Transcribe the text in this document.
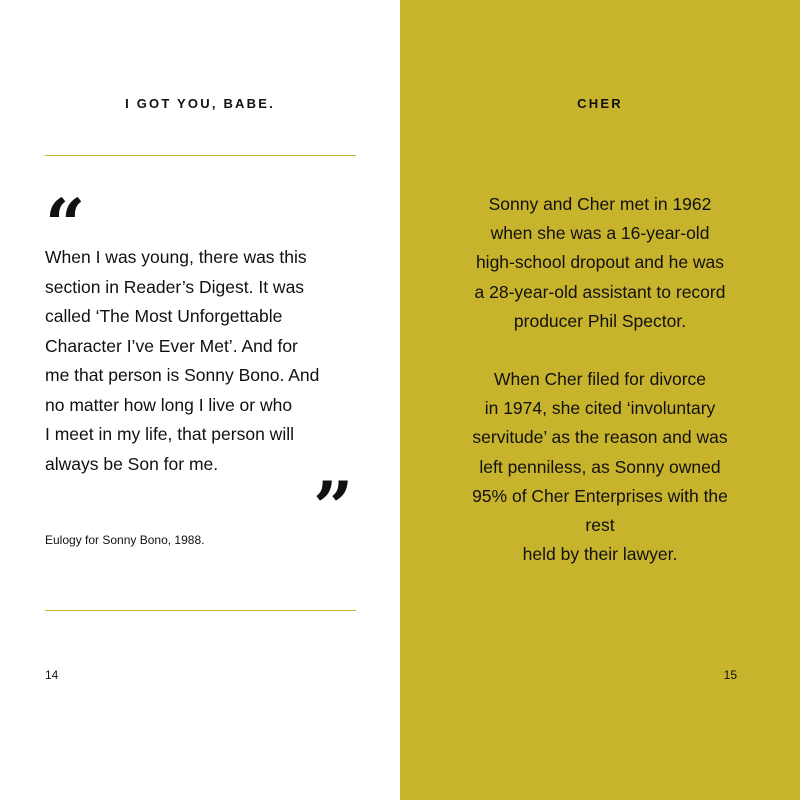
I GOT YOU, BABE.
“

When I was young, there was this
section in Reader’s Digest. It was
called ‘The Most Unforgettable
Character I’ve Ever Met’. And for
me that person is Sonny Bono. And
no matter how long I live or who
I meet in my life, that person will
always be Son for me.

”
Eulogy for Sonny Bono, 1988.
14
CHER

Sonny and Cher met in 1962
when she was a 16-year-old
high-school dropout and he was
a 28-year-old assistant to record
producer Phil Spector.

When Cher filed for divorce
in 1974, she cited ‘involuntary
servitude’ as the reason and was
left penniless, as Sonny owned
95% of Cher Enterprises with the
rest
held by their lawyer.

15
